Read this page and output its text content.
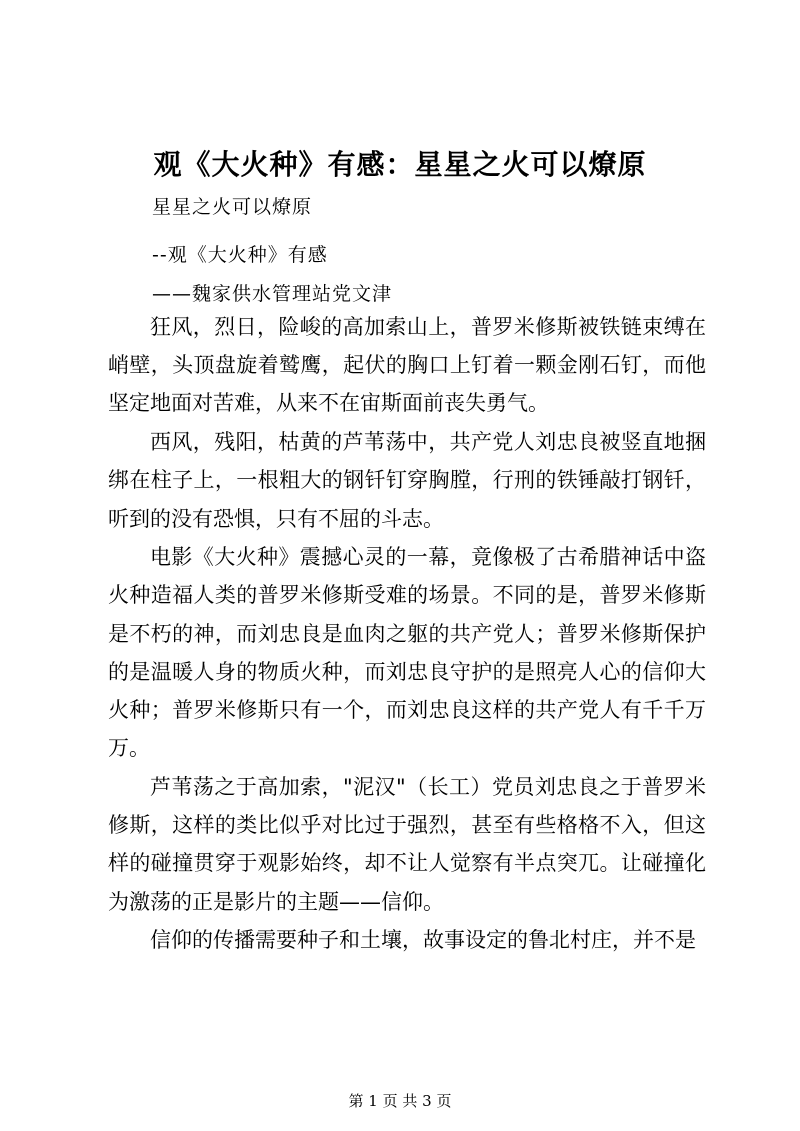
观《大火种》有感：星星之火可以燎原
星星之火可以燎原
--观《大火种》有感
——魏家供水管理站党文津

狂风，烈日，险峻的高加索山上，普罗米修斯被铁链束缚在峭壁，头顶盘旋着鹫鹰，起伏的胸口上钉着一颗金刚石钉，而他坚定地面对苦难，从来不在宙斯面前丧失勇气。

西风，残阳，枯黄的芦苇荡中，共产党人刘忠良被竖直地捆绑在柱子上，一根粗大的钢钎钉穿胸膛，行刑的铁锤敲打钢钎，听到的没有恐惧，只有不屈的斗志。

电影《大火种》震撼心灵的一幕，竟像极了古希腊神话中盗火种造福人类的普罗米修斯受难的场景。不同的是，普罗米修斯是不朽的神，而刘忠良是血肉之躯的共产党人；普罗米修斯保护的是温暖人身的物质火种，而刘忠良守护的是照亮人心的信仰大火种；普罗米修斯只有一个，而刘忠良这样的共产党人有千千万万。

芦苇荡之于高加索，"泥汉"（长工）党员刘忠良之于普罗米修斯，这样的类比似乎对比过于强烈，甚至有些格格不入，但这样的碰撞贯穿于观影始终，却不让人觉察有半点突兀。让碰撞化为激荡的正是影片的主题——信仰。

信仰的传播需要种子和土壤，故事设定的鲁北村庄，并不是

第 1 页 共 3 页
